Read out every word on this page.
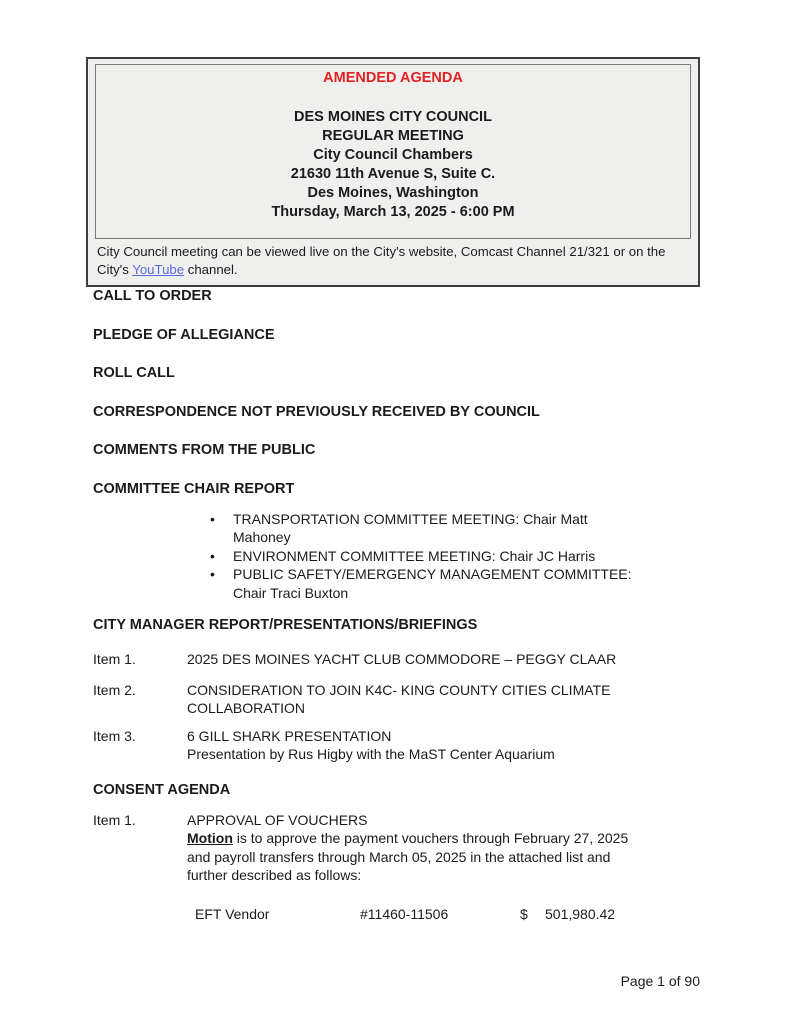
AMENDED AGENDA
DES MOINES CITY COUNCIL
REGULAR MEETING
City Council Chambers
21630 11th Avenue S, Suite C.
Des Moines, Washington
Thursday, March 13, 2025 - 6:00 PM
City Council meeting can be viewed live on the City's website, Comcast Channel 21/321 or on the
City's YouTube channel.
CALL TO ORDER
PLEDGE OF ALLEGIANCE
ROLL CALL
CORRESPONDENCE NOT PREVIOUSLY RECEIVED BY COUNCIL
COMMENTS FROM THE PUBLIC
COMMITTEE CHAIR REPORT
• TRANSPORTATION COMMITTEE MEETING: Chair Matt
Mahoney
• ENVIRONMENT COMMITTEE MEETING: Chair JC Harris
• PUBLIC SAFETY/EMERGENCY MANAGEMENT COMMITTEE:
Chair Traci Buxton
CITY MANAGER REPORT/PRESENTATIONS/BRIEFINGS
Item 1.	2025 DES MOINES YACHT CLUB COMMODORE – PEGGY CLAAR
Item 2.	CONSIDERATION TO JOIN K4C- KING COUNTY CITIES CLIMATE
COLLABORATION
Item 3.	6 GILL SHARK PRESENTATION
Presentation by Rus Higby with the MaST Center Aquarium
CONSENT AGENDA
Item 1.	APPROVAL OF VOUCHERS
Motion is to approve the payment vouchers through February 27, 2025
and payroll transfers through March 05, 2025 in the attached list and
further described as follows:
EFT Vendor	#11460-11506	$ 501,980.42
Page 1 of 90
